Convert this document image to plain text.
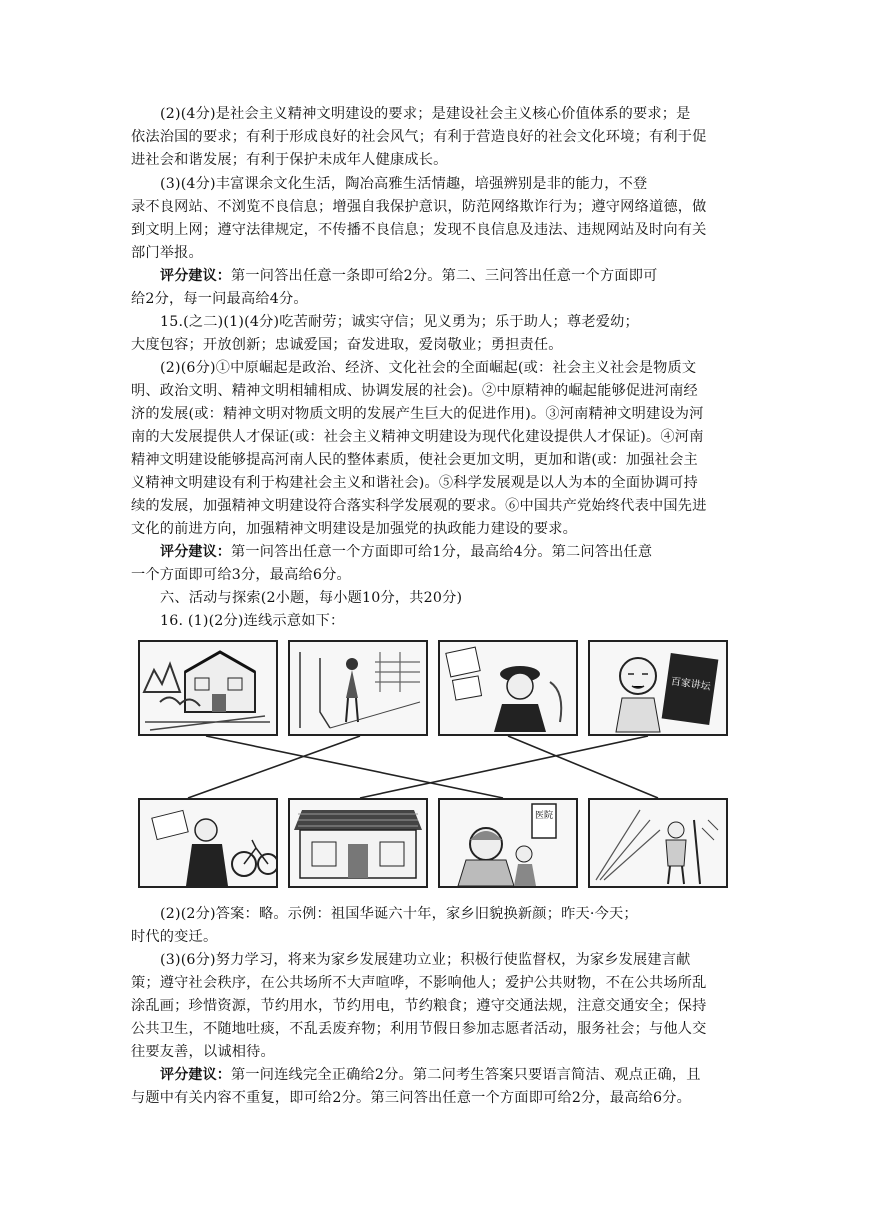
(2)(4分)是社会主义精神文明建设的要求；是建设社会主义核心价值体系的要求；是
依法治国的要求；有利于形成良好的社会风气；有利于营造良好的社会文化环境；有利于促
进社会和谐发展；有利于保护未成年人健康成长。
(3)(4分)丰富课余文化生活，陶冶高雅生活情趣，培强辨别是非的能力，不登
录不良网站、不浏览不良信息；增强自我保护意识，防范网络欺诈行为；遵守网络道德，做
到文明上网；遵守法律规定，不传播不良信息；发现不良信息及违法、违规网站及时向有关
部门举报。
评分建议：第一问答出任意一条即可给2分。第二、三问答出任意一个方面即可
给2分，每一问最高给4分。
15.(之二)(1)(4分)吃苦耐劳；诚实守信；见义勇为；乐于助人；尊老爱幼；
大度包容；开放创新；忠诚爱国；奋发进取，爱岗敬业；勇担责任。
(2)(6分)①中原崛起是政治、经济、文化社会的全面崛起(或：社会主义社会是物质文
明、政治文明、精神文明相辅相成、协调发展的社会)。②中原精神的崛起能够促进河南经
济的发展(或：精神文明对物质文明的发展产生巨大的促进作用)。③河南精神文明建设为河
南的大发展提供人才保证(或：社会主义精神文明建设为现代化建设提供人才保证)。④河南
精神文明建设能够提高河南人民的整体素质，使社会更加文明，更加和谐(或：加强社会主
义精神文明建设有利于构建社会主义和谐社会)。⑤科学发展观是以人为本的全面协调可持
续的发展，加强精神文明建设符合落实科学发展观的要求。⑥中国共产党始终代表中国先进
文化的前进方向，加强精神文明建设是加强党的执政能力建设的要求。
评分建议：第一问答出任意一个方面即可给1分，最高给4分。第二问答出任意
一个方面即可给3分，最高给6分。
六、活动与探索(2小题，每小题10分，共20分)
16. (1)(2分)连线示意如下：
百家讲坛
医院
(2)(2分)答案：略。示例：祖国华诞六十年，家乡旧貌换新颜；昨天·今天；
时代的变迁。
(3)(6分)努力学习，将来为家乡发展建功立业；积极行使监督权，为家乡发展建言献
策；遵守社会秩序，在公共场所不大声喧哗，不影响他人；爱护公共财物，不在公共场所乱
涂乱画；珍惜资源，节约用水，节约用电，节约粮食；遵守交通法规，注意交通安全；保持
公共卫生，不随地吐痰，不乱丢废弃物；利用节假日参加志愿者活动，服务社会；与他人交
往要友善，以诚相待。
评分建议：第一问连线完全正确给2分。第二问考生答案只要语言简洁、观点正确，且
与题中有关内容不重复，即可给2分。第三问答出任意一个方面即可给2分，最高给6分。
